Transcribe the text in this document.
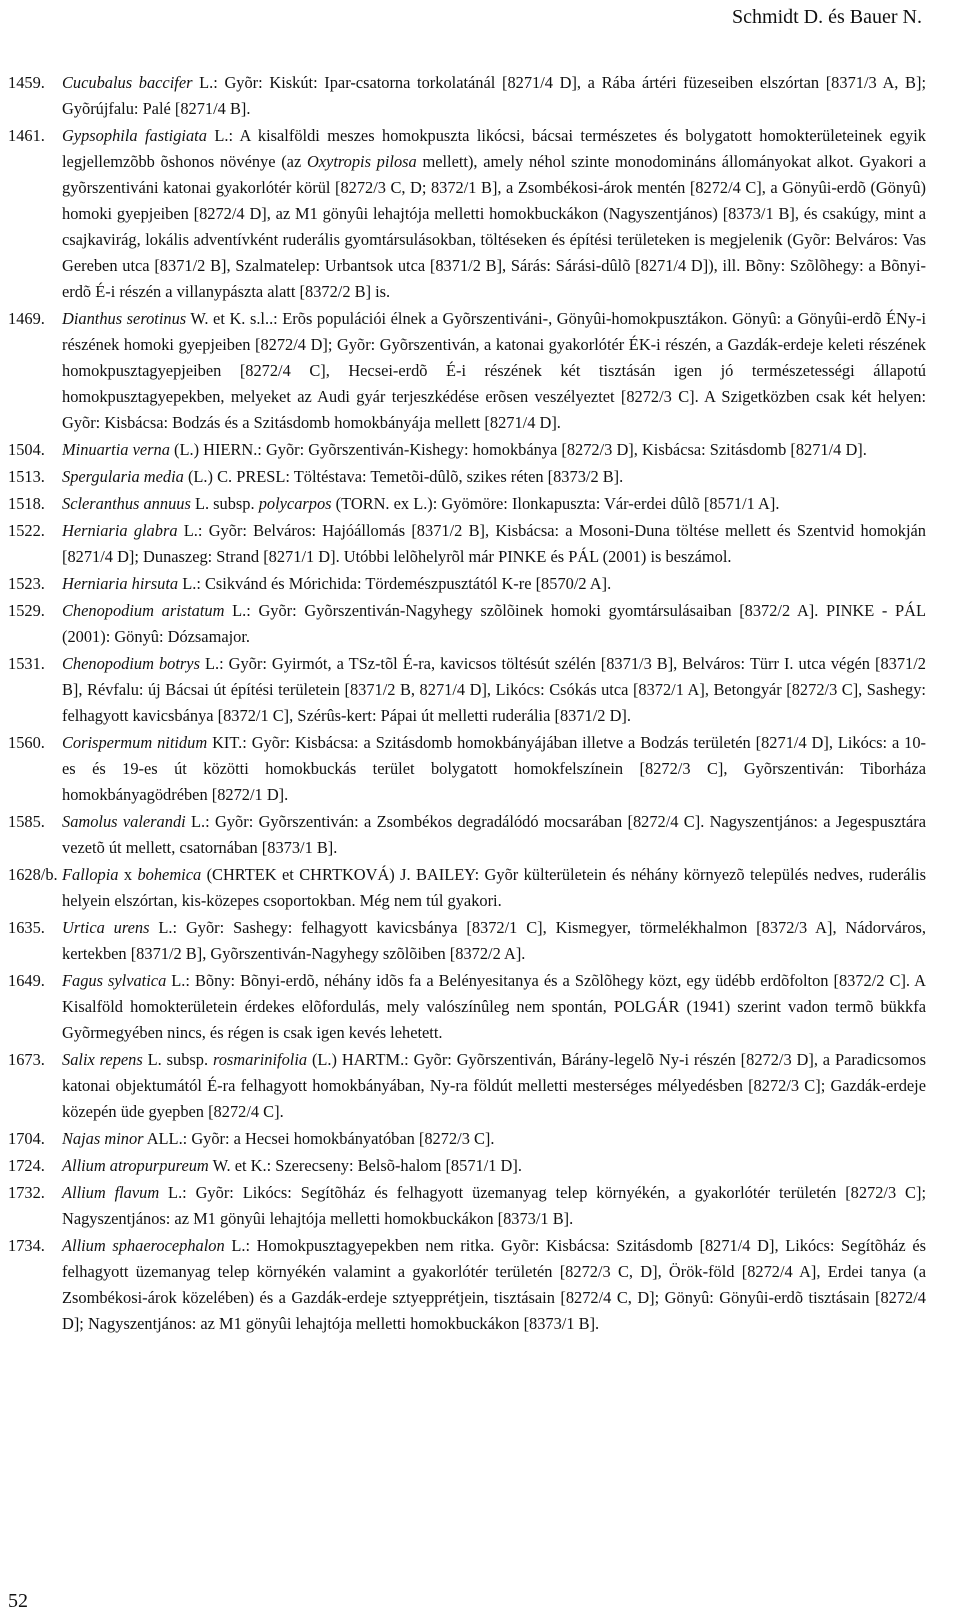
Schmidt D. és Bauer N.
1459. Cucubalus baccifer L.: Gyõr: Kiskút: Ipar-csatorna torkolatánál [8271/4 D], a Rába ártéri füzeseiben elszórtan [8371/3 A, B]; Gyõrújfalu: Palé [8271/4 B].
1461. Gypsophila fastigiata L.: A kisalföldi meszes homokpuszta likócsi, bácsai természetes és bolygatott homokterületeinek egyik legjellemzõbb õshonos növénye (az Oxytropis pilosa mellett), amely néhol szinte monodomináns állományokat alkot. Gyakori a gyõrszentiváni katonai gyakorlótér körül [8272/3 C, D; 8372/1 B], a Zsombékosi-árok mentén [8272/4 C], a Gönyûi-erdõ (Gönyû) homoki gyepjeiben [8272/4 D], az M1 gönyûi lehajtója melletti homokbuckákon (Nagyszentjános) [8373/1 B], és csakúgy, mint a csajkavirág, lokális adventívként ruderális gyomtársulásokban, töltéseken és építési területeken is megjelenik (Gyõr: Belváros: Vas Gereben utca [8371/2 B], Szalmatelep: Urbantsok utca [8371/2 B], Sárás: Sárási-dûlõ [8271/4 D]), ill. Bõny: Szõlõhegy: a Bõnyi-erdõ É-i részén a villanypászta alatt [8372/2 B] is.
1469. Dianthus serotinus W. et K. s.l..: Erõs populációi élnek a Gyõrszentiváni-, Gönyûi-homokpusztákon. Gönyû: a Gönyûi-erdõ ÉNy-i részének homoki gyepjeiben [8272/4 D]; Gyõr: Gyõrszentiván, a katonai gyakorlótér ÉK-i részén, a Gazdák-erdeje keleti részének homokpusztagyepjeiben [8272/4 C], Hecsei-erdõ É-i részének két tisztásán igen jó természetességi állapotú homokpusztagyepekben, melyeket az Audi gyár terjeszkédése erõsen veszélyeztet [8272/3 C]. A Szigetközben csak két helyen: Gyõr: Kisbácsa: Bodzás és a Szitásdomb homokbányája mellett [8271/4 D].
1504. Minuartia verna (L.) HIERN.: Gyõr: Gyõrszentiván-Kishegy: homokbánya [8272/3 D], Kisbácsa: Szitásdomb [8271/4 D].
1513. Spergularia media (L.) C. PRESL: Töltéstava: Temetõi-dûlõ, szikes réten [8373/2 B].
1518. Scleranthus annuus L. subsp. polycarpos (TORN. ex L.): Gyömöre: Ilonkapuszta: Vár-erdei dûlõ [8571/1 A].
1522. Herniaria glabra L.: Gyõr: Belváros: Hajóállomás [8371/2 B], Kisbácsa: a Mosoni-Duna töltése mellett és Szentvid homokján [8271/4 D]; Dunaszeg: Strand [8271/1 D]. Utóbbi lelõhelyrõl már PINKE és PÁL (2001) is beszámol.
1523. Herniaria hirsuta L.: Csikvánd és Mórichida: Tördemészpusztától K-re [8570/2 A].
1529. Chenopodium aristatum L.: Gyõr: Gyõrszentiván-Nagyhegy szõlõinek homoki gyomtársulásaiban [8372/2 A]. PINKE - PÁL (2001): Gönyû: Dózsamajor.
1531. Chenopodium botrys L.: Gyõr: Gyirmót, a TSz-tõl É-ra, kavicsos töltésút szélén [8371/3 B], Belváros: Türr I. utca végén [8371/2 B], Révfalu: új Bácsai út építési területein [8371/2 B, 8271/4 D], Likócs: Csókás utca [8372/1 A], Betongyár [8272/3 C], Sashegy: felhagyott kavicsbánya [8372/1 C], Szérûs-kert: Pápai út melletti ruderália [8371/2 D].
1560. Corispermum nitidum KIT.: Gyõr: Kisbácsa: a Szitásdomb homokbányájában illetve a Bodzás területén [8271/4 D], Likócs: a 10-es és 19-es út közötti homokbuckás terület bolygatott homokfelszínein [8272/3 C], Gyõrszentiván: Tiborháza homokbányagödrében [8272/1 D].
1585. Samolus valerandi L.: Gyõr: Gyõrszentiván: a Zsombékos degradálódó mocsarában [8272/4 C]. Nagyszentjános: a Jegespusztára vezetõ út mellett, csatornában [8373/1 B].
1628/b. Fallopia x bohemica (CHRTEK et CHRTKOVÁ) J. BAILEY: Gyõr külterületein és néhány környezõ település nedves, ruderális helyein elszórtan, kis-közepes csoportokban. Még nem túl gyakori.
1635. Urtica urens L.: Gyõr: Sashegy: felhagyott kavicsbánya [8372/1 C], Kismegyer, törmelékhalmon [8372/3 A], Nádorváros, kertekben [8371/2 B], Gyõrszentiván-Nagyhegy szõlõiben [8372/2 A].
1649. Fagus sylvatica L.: Bõny: Bõnyi-erdõ, néhány idõs fa a Belényesitanya és a Szõlõhegy közt, egy üdébb erdõfolton [8372/2 C]. A Kisalföld homokterületein érdekes elõfordulás, mely valószínûleg nem spontán, POLGÁR (1941) szerint vadon termõ bükkfa Gyõrmegyében nincs, és régen is csak igen kevés lehetett.
1673. Salix repens L. subsp. rosmarinifolia (L.) HARTM.: Gyõr: Gyõrszentiván, Bárány-legelõ Ny-i részén [8272/3 D], a Paradicsomos katonai objektumától É-ra felhagyott homokbányában, Ny-ra földút melletti mesterséges mélyedésben [8272/3 C]; Gazdák-erdeje közepén üde gyepben [8272/4 C].
1704. Najas minor ALL.: Gyõr: a Hecsei homokbányatóban [8272/3 C].
1724. Allium atropurpureum W. et K.: Szerecseny: Belsõ-halom [8571/1 D].
1732. Allium flavum L.: Gyõr: Likócs: Segítõház és felhagyott üzemanyag telep környékén, a gyakorlótér területén [8272/3 C]; Nagyszentjános: az M1 gönyûi lehajtója melletti homokbuckákon [8373/1 B].
1734. Allium sphaerocephalon L.: Homokpusztagyepekben nem ritka. Gyõr: Kisbácsa: Szitásdomb [8271/4 D], Likócs: Segítõház és felhagyott üzemanyag telep környékén valamint a gyakorlótér területén [8272/3 C, D], Örök-föld [8272/4 A], Erdei tanya (a Zsombékosi-árok közelében) és a Gazdák-erdeje sztyepprétjein, tisztásain [8272/4 C, D]; Gönyû: Gönyûi-erdõ tisztásain [8272/4 D]; Nagyszentjános: az M1 gönyûi lehajtója melletti homokbuckákon [8373/1 B].
52
